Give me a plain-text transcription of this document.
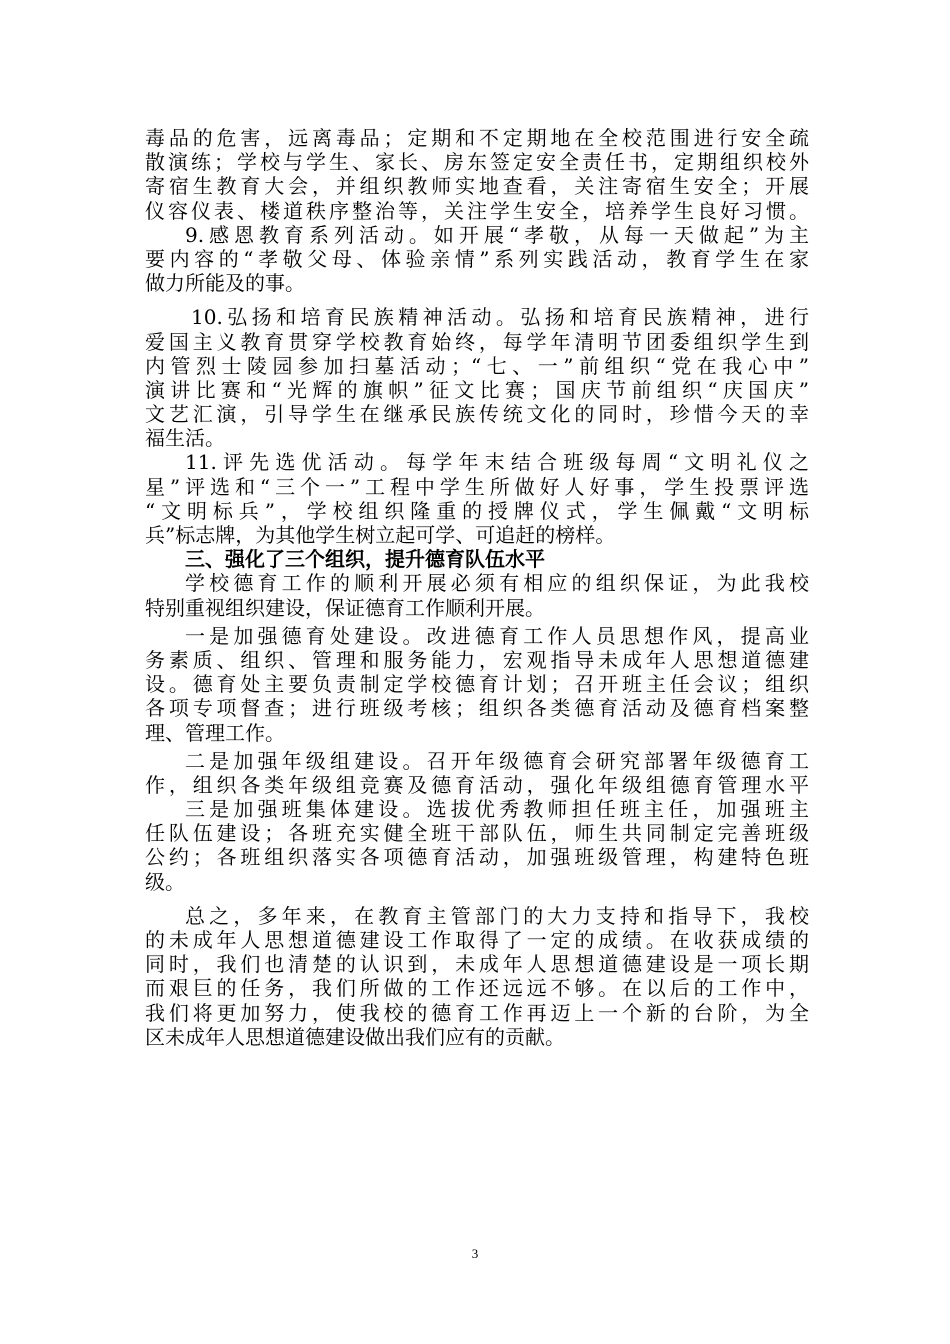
毒品的危害，远离毒品；定期和不定期地在全校范围进行安全疏
散演练；学校与学生、家长、房东签定安全责任书，定期组织校外
寄宿生教育大会，并组织教师实地查看，关注寄宿生安全；开展
仪容仪表、楼道秩序整治等，关注学生安全，培养学生良好习惯。
9.感恩教育系列活动。如开展“孝敬，从每一天做起”为主
要内容的“孝敬父母、体验亲情”系列实践活动，教育学生在家
做力所能及的事。
10.弘扬和培育民族精神活动。弘扬和培育民族精神，进行
爱国主义教育贯穿学校教育始终，每学年清明节团委组织学生到
内管烈士陵园参加扫墓活动；“七、一”前组织“党在我心中”
演讲比赛和“光辉的旗帜”征文比赛；国庆节前组织“庆国庆”
文艺汇演，引导学生在继承民族传统文化的同时，珍惜今天的幸
福生活。
11.评先选优活动。每学年末结合班级每周“文明礼仪之
星”评选和“三个一”工程中学生所做好人好事，学生投票评选
“文明标兵”，学校组织隆重的授牌仪式，学生佩戴“文明标
兵”标志牌，为其他学生树立起可学、可追赶的榜样。
三、强化了三个组织，提升德育队伍水平
学校德育工作的顺利开展必须有相应的组织保证，为此我校
特别重视组织建设，保证德育工作顺利开展。
一是加强德育处建设。改进德育工作人员思想作风，提高业
务素质、组织、管理和服务能力，宏观指导未成年人思想道德建
设。德育处主要负责制定学校德育计划；召开班主任会议；组织
各项专项督查；进行班级考核；组织各类德育活动及德育档案整
理、管理工作。
二是加强年级组建设。召开年级德育会研究部署年级德育工
作，组织各类年级组竞赛及德育活动，强化年级组德育管理水平
三是加强班集体建设。选拔优秀教师担任班主任，加强班主
任队伍建设；各班充实健全班干部队伍，师生共同制定完善班级
公约；各班组织落实各项德育活动，加强班级管理，构建特色班
级。
总之，多年来，在教育主管部门的大力支持和指导下，我校
的未成年人思想道德建设工作取得了一定的成绩。在收获成绩的
同时，我们也清楚的认识到，未成年人思想道德建设是一项长期
而艰巨的任务，我们所做的工作还远远不够。在以后的工作中，
我们将更加努力，使我校的德育工作再迈上一个新的台阶，为全
区未成年人思想道德建设做出我们应有的贡献。
3
